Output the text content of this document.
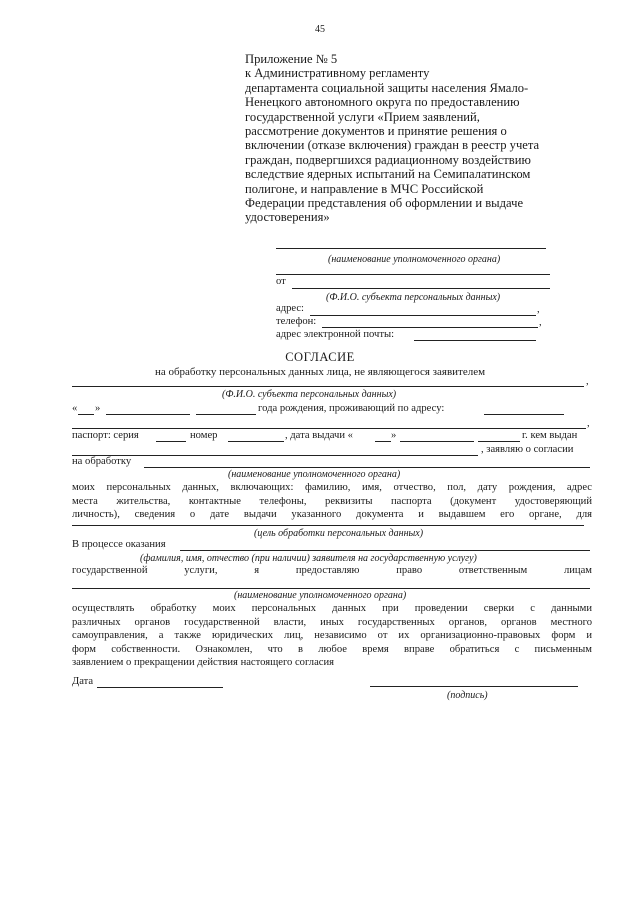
45
Приложение № 5
к Административному регламенту
департамента социальной защиты населения Ямало-
Ненецкого автономного округа по предоставлению
государственной услуги «Прием заявлений,
рассмотрение документов и принятие решения о
включении (отказе включения) граждан в реестр учета
граждан, подвергшихся радиационному воздействию
вследствие ядерных испытаний на Семипалатинском
полигоне, и направление в МЧС Российской
Федерации представления об оформлении и выдаче
удостоверения»
(наименование уполномоченного органа)
от
(Ф.И.О. субъекта персональных данных)
адрес:	,
телефон:	,
адрес электронной почты:
СОГЛАСИЕ
на обработку персональных данных лица, не являющегося заявителем
,
(Ф.И.О. субъекта персональных данных)
« »	года рождения, проживающий по адресу:
,
паспорт: серия	номер	, дата выдачи «	»	г. кем выдан
, заявляю о согласии
на обработку
(наименование уполномоченного органа)
моих персональных данных, включающих: фамилию, имя, отчество, пол, дату рождения, адрес
места жительства, контактные телефоны, реквизиты паспорта (документ удостоверяющий
личность), сведения о дате выдачи указанного документа и выдавшем его органе, для
(цель обработки персональных данных)
В процессе оказания
(фамилия, имя, отчество (при наличии) заявителя на государственную услугу)
государственной услуги, я предоставляю право ответственным лицам
(наименование уполномоченного органа)
осуществлять обработку моих персональных данных при проведении сверки с данными
различных органов государственной власти, иных государственных органов, органов местного
самоуправления, а также юридических лиц, независимо от их организационно-правовых форм и
форм собственности. Ознакомлен, что в любое время вправе обратиться с письменным
заявлением о прекращении действия настоящего согласия
Дата
(подпись)
